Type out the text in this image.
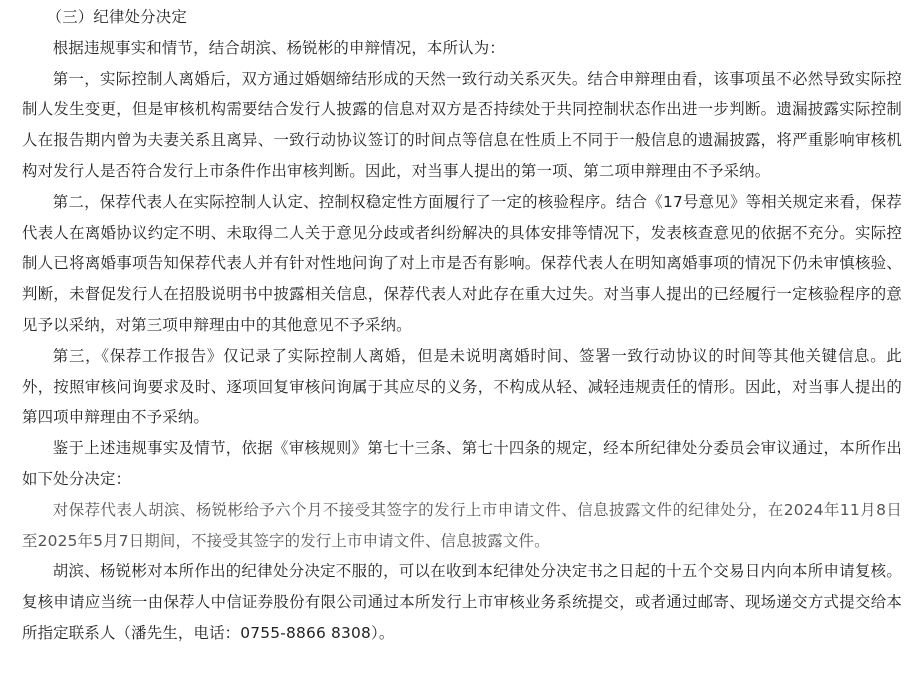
（三）纪律处分决定

根据违规事实和情节，结合胡滨、杨锐彬的申辩情况，本所认为：

第一，实际控制人离婚后，双方通过婚姻缔结形成的天然一致行动关系灭失。结合申辩理由看，该事项虽不必然导致实际控制人发生变更，但是审核机构需要结合发行人披露的信息对双方是否持续处于共同控制状态作出进一步判断。遗漏披露实际控制人在报告期内曾为夫妻关系且离异、一致行动协议签订的时间点等信息在性质上不同于一般信息的遗漏披露，将严重影响审核机构对发行人是否符合发行上市条件作出审核判断。因此，对当事人提出的第一项、第二项申辩理由不予采纳。

第二，保荐代表人在实际控制人认定、控制权稳定性方面履行了一定的核验程序。结合《17号意见》等相关规定来看，保荐代表人在离婚协议约定不明、未取得二人关于意见分歧或者纠纷解决的具体安排等情况下，发表核查意见的依据不充分。实际控制人已将离婚事项告知保荐代表人并有针对性地问询了对上市是否有影响。保荐代表人在明知离婚事项的情况下仍未审慎核验、判断，未督促发行人在招股说明书中披露相关信息，保荐代表人对此存在重大过失。对当事人提出的已经履行一定核验程序的意见予以采纳，对第三项申辩理由中的其他意见不予采纳。

第三，《保荐工作报告》仅记录了实际控制人离婚，但是未说明离婚时间、签署一致行动协议的时间等其他关键信息。此外，按照审核问询要求及时、逐项回复审核问询属于其应尽的义务，不构成从轻、减轻违规责任的情形。因此，对当事人提出的第四项申辩理由不予采纳。

鉴于上述违规事实及情节，依据《审核规则》第七十三条、第七十四条的规定，经本所纪律处分委员会审议通过，本所作出如下处分决定：

对保荐代表人胡滨、杨锐彬给予六个月不接受其签字的发行上市申请文件、信息披露文件的纪律处分，在2024年11月8日至2025年5月7日期间，不接受其签字的发行上市申请文件、信息披露文件。

胡滨、杨锐彬对本所作出的纪律处分决定不服的，可以在收到本纪律处分决定书之日起的十五个交易日内向本所申请复核。复核申请应当统一由保荐人中信证券股份有限公司通过本所发行上市审核业务系统提交，或者通过邮寄、现场递交方式提交给本所指定联系人（潘先生，电话：0755-8866 8308）。
